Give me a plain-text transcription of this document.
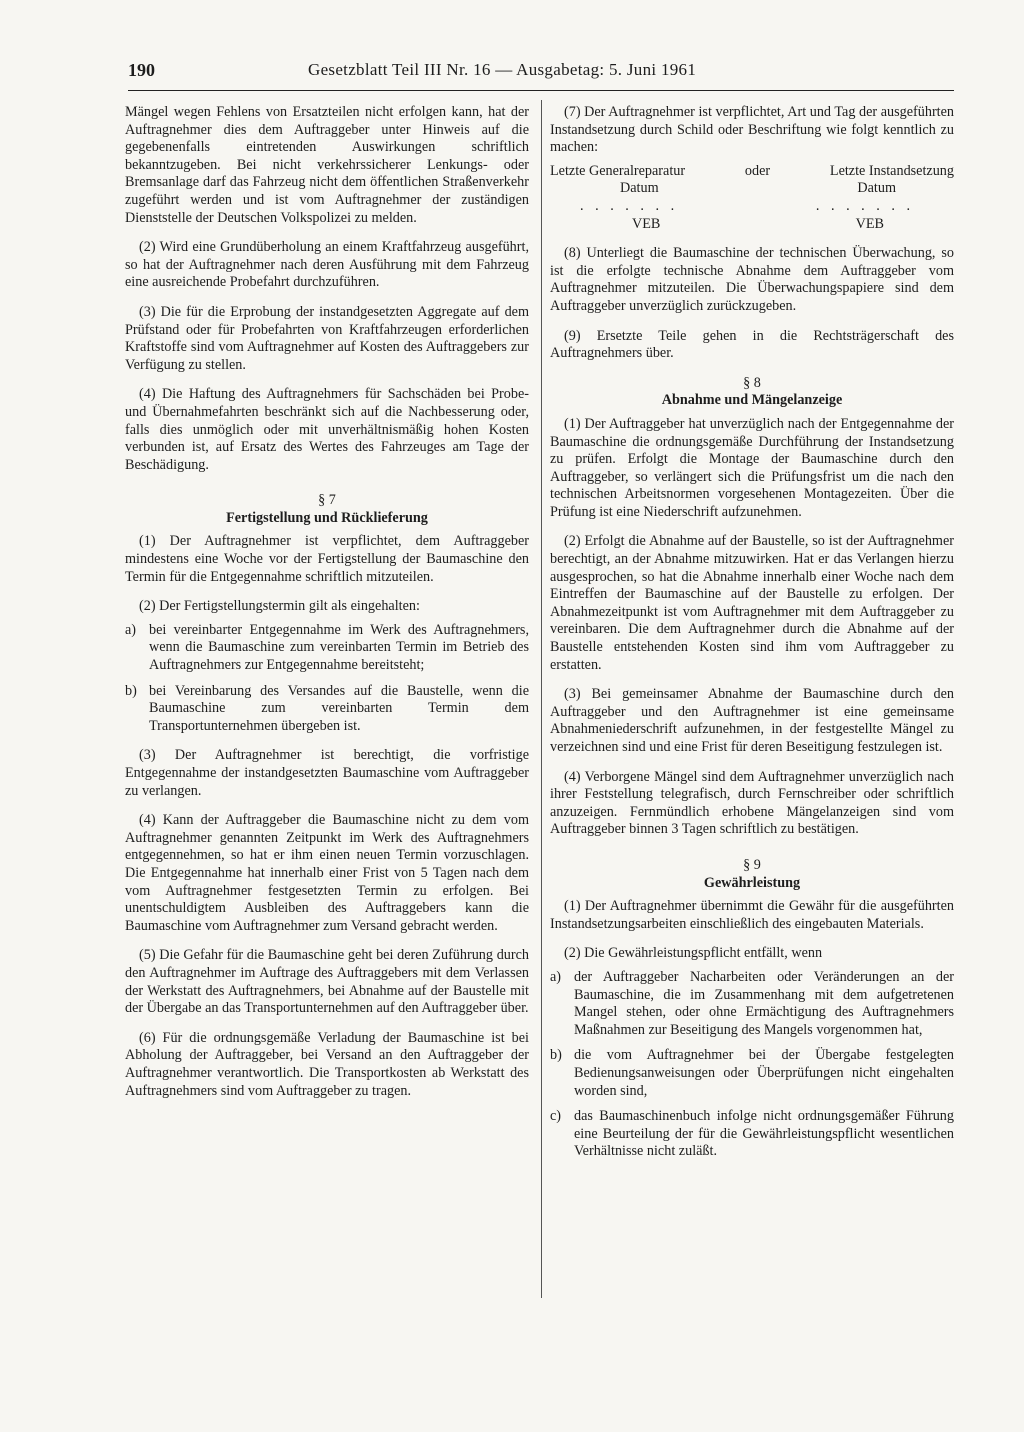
190	Gesetzblatt Teil III Nr. 16 — Ausgabetag: 5. Juni 1961

Mängel wegen Fehlens von Ersatzteilen nicht erfolgen kann, hat der Auftragnehmer dies dem Auftraggeber unter Hinweis auf die gegebenenfalls eintretenden Auswirkungen schriftlich bekanntzugeben. Bei nicht verkehrssicherer Lenkungs- oder Bremsanlage darf das Fahrzeug nicht dem öffentlichen Straßenverkehr zugeführt werden und ist vom Auftragnehmer der zuständigen Dienststelle der Deutschen Volkspolizei zu melden.

(2) Wird eine Grundüberholung an einem Kraftfahrzeug ausgeführt, so hat der Auftragnehmer nach deren Ausführung mit dem Fahrzeug eine ausreichende Probefahrt durchzuführen.

(3) Die für die Erprobung der instandgesetzten Aggregate auf dem Prüfstand oder für Probefahrten von Kraftfahrzeugen erforderlichen Kraftstoffe sind vom Auftragnehmer auf Kosten des Auftraggebers zur Verfügung zu stellen.

(4) Die Haftung des Auftragnehmers für Sachschäden bei Probe- und Übernahmefahrten beschränkt sich auf die Nachbesserung oder, falls dies unmöglich oder mit unverhältnismäßig hohen Kosten verbunden ist, auf Ersatz des Wertes des Fahrzeuges am Tage der Beschädigung.

§ 7
Fertigstellung und Rücklieferung

(1) Der Auftragnehmer ist verpflichtet, dem Auftraggeber mindestens eine Woche vor der Fertigstellung der Baumaschine den Termin für die Entgegennahme schriftlich mitzuteilen.

(2) Der Fertigstellungstermin gilt als eingehalten:

a) bei vereinbarter Entgegennahme im Werk des Auftragnehmers, wenn die Baumaschine zum vereinbarten Termin im Betrieb des Auftragnehmers zur Entgegennahme bereitsteht;
b) bei Vereinbarung des Versandes auf die Baustelle, wenn die Baumaschine zum vereinbarten Termin dem Transportunternehmen übergeben ist.

(3) Der Auftragnehmer ist berechtigt, die vorfristige Entgegennahme der instandgesetzten Baumaschine vom Auftraggeber zu verlangen.

(4) Kann der Auftraggeber die Baumaschine nicht zu dem vom Auftragnehmer genannten Zeitpunkt im Werk des Auftragnehmers entgegennehmen, so hat er ihm einen neuen Termin vorzuschlagen. Die Entgegennahme hat innerhalb einer Frist von 5 Tagen nach dem vom Auftragnehmer festgesetzten Termin zu erfolgen. Bei unentschuldigtem Ausbleiben des Auftraggebers kann die Baumaschine vom Auftragnehmer zum Versand gebracht werden.

(5) Die Gefahr für die Baumaschine geht bei deren Zuführung durch den Auftragnehmer im Auftrage des Auftraggebers mit dem Verlassen der Werkstatt des Auftragnehmers, bei Abnahme auf der Baustelle mit der Übergabe an das Transportunternehmen auf den Auftraggeber über.

(6) Für die ordnungsgemäße Verladung der Baumaschine ist bei Abholung der Auftraggeber, bei Versand an den Auftraggeber der Auftragnehmer verantwortlich. Die Transportkosten ab Werkstatt des Auftragnehmers sind vom Auftraggeber zu tragen.

(7) Der Auftragnehmer ist verpflichtet, Art und Tag der ausgeführten Instandsetzung durch Schild oder Beschriftung wie folgt kenntlich zu machen:

Letzte Generalreparatur	oder	Letzte Instandsetzung
Datum	Datum
. . . . . . .	. . . . . . .
VEB	VEB

(8) Unterliegt die Baumaschine der technischen Überwachung, so ist die erfolgte technische Abnahme dem Auftraggeber vom Auftragnehmer mitzuteilen. Die Überwachungspapiere sind dem Auftraggeber unverzüglich zurückzugeben.

(9) Ersetzte Teile gehen in die Rechtsträgerschaft des Auftragnehmers über.

§ 8
Abnahme und Mängelanzeige

(1) Der Auftraggeber hat unverzüglich nach der Entgegennahme der Baumaschine die ordnungsgemäße Durchführung der Instandsetzung zu prüfen. Erfolgt die Montage der Baumaschine durch den Auftraggeber, so verlängert sich die Prüfungsfrist um die nach den technischen Arbeitsnormen vorgesehenen Montagezeiten. Über die Prüfung ist eine Niederschrift aufzunehmen.

(2) Erfolgt die Abnahme auf der Baustelle, so ist der Auftragnehmer berechtigt, an der Abnahme mitzuwirken. Hat er das Verlangen hierzu ausgesprochen, so hat die Abnahme innerhalb einer Woche nach dem Eintreffen der Baumaschine auf der Baustelle zu erfolgen. Der Abnahmezeitpunkt ist vom Auftragnehmer mit dem Auftraggeber zu vereinbaren. Die dem Auftragnehmer durch die Abnahme auf der Baustelle entstehenden Kosten sind ihm vom Auftraggeber zu erstatten.

(3) Bei gemeinsamer Abnahme der Baumaschine durch den Auftraggeber und den Auftragnehmer ist eine gemeinsame Abnahmeniederschrift aufzunehmen, in der festgestellte Mängel zu verzeichnen sind und eine Frist für deren Beseitigung festzulegen ist.

(4) Verborgene Mängel sind dem Auftragnehmer unverzüglich nach ihrer Feststellung telegrafisch, durch Fernschreiber oder schriftlich anzuzeigen. Fernmündlich erhobene Mängelanzeigen sind vom Auftraggeber binnen 3 Tagen schriftlich zu bestätigen.

§ 9
Gewährleistung

(1) Der Auftragnehmer übernimmt die Gewähr für die ausgeführten Instandsetzungsarbeiten einschließlich des eingebauten Materials.

(2) Die Gewährleistungspflicht entfällt, wenn

a) der Auftraggeber Nacharbeiten oder Veränderungen an der Baumaschine, die im Zusammenhang mit dem aufgetretenen Mangel stehen, oder ohne Ermächtigung des Auftragnehmers Maßnahmen zur Beseitigung des Mangels vorgenommen hat,
b) die vom Auftragnehmer bei der Übergabe festgelegten Bedienungsanweisungen oder Überprüfungen nicht eingehalten worden sind,
c) das Baumaschinenbuch infolge nicht ordnungsgemäßer Führung eine Beurteilung der für die Gewährleistungspflicht wesentlichen Verhältnisse nicht zuläßt.
